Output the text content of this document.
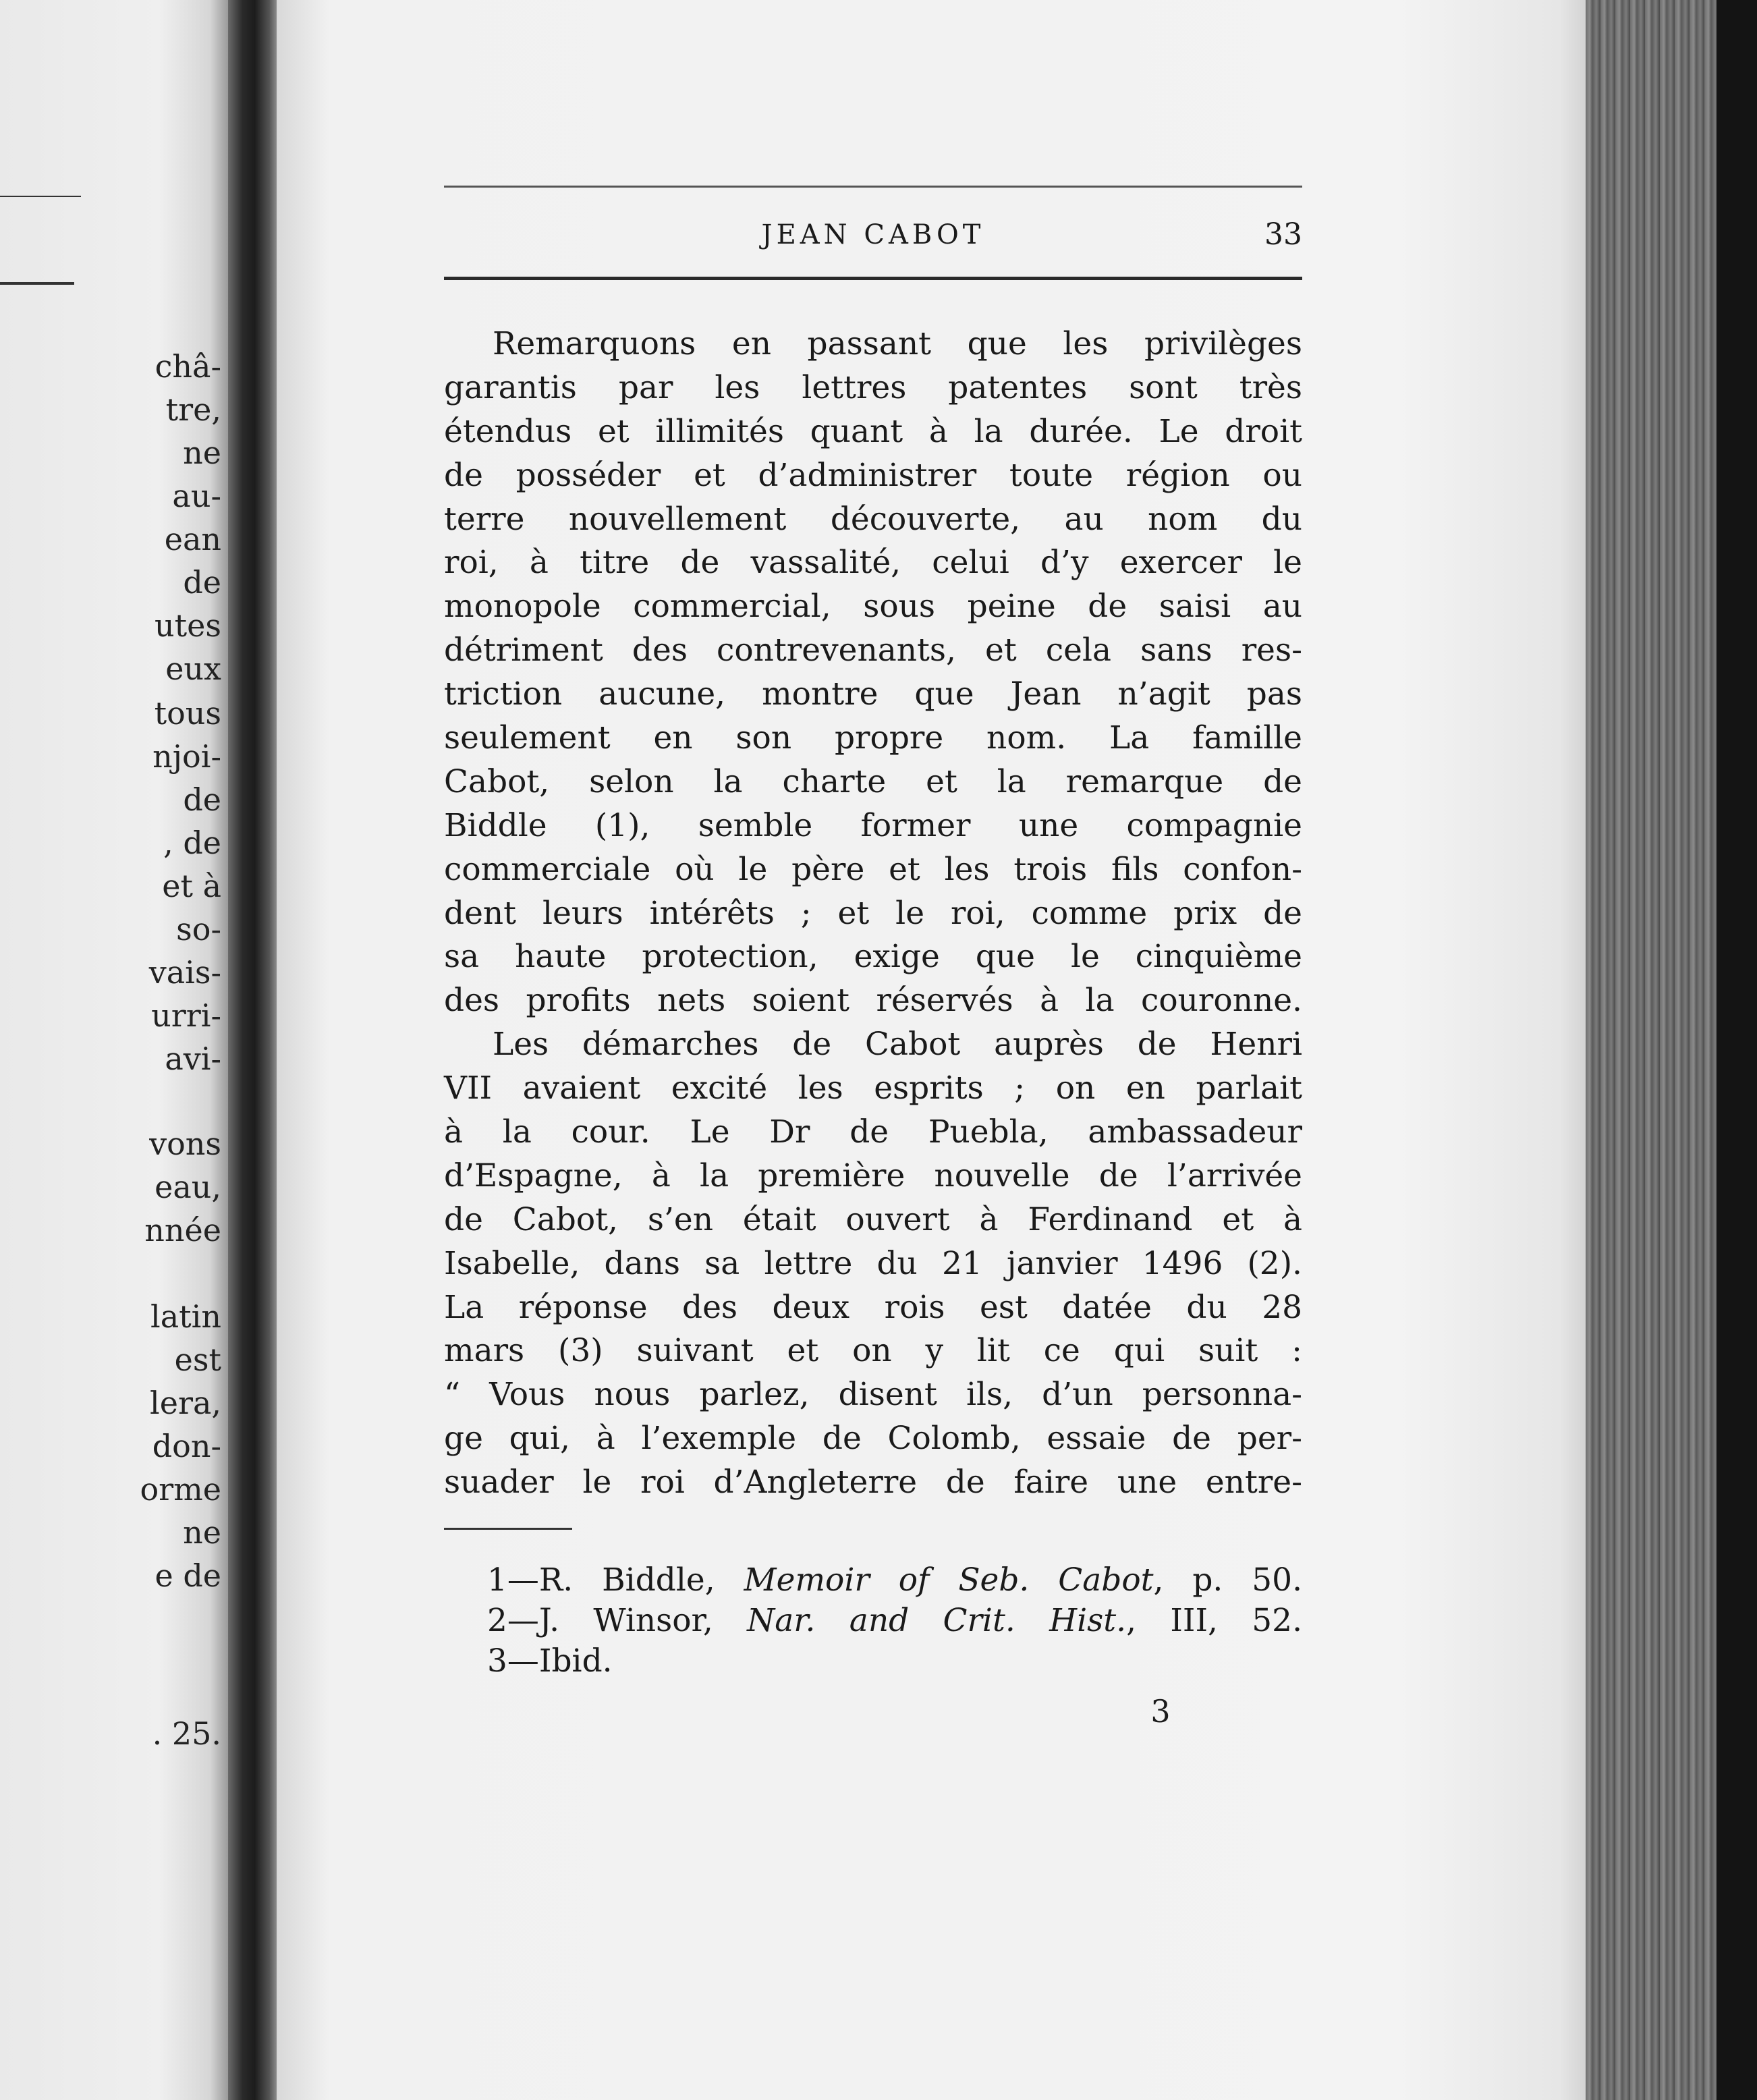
châ-
tre,
ne
au-
ean
de
utes
eux
tous
njoi-
de
, de
et à
so-
vais-
urri-
avi-
vons
eau,
nnée
latin
est
lera,
don-
orme
ne
e de
. 25.
JEAN CABOT	33
Remarquons en passant que les privilèges
garantis par les lettres patentes sont très
étendus et illimités quant à la durée. Le droit
de posséder et d’administrer toute région ou
terre nouvellement découverte, au nom du
roi, à titre de vassalité, celui d’y exercer le
monopole commercial, sous peine de saisi au
détriment des contrevenants, et cela sans res-
triction aucune, montre que Jean n’agit pas
seulement en son propre nom. La famille
Cabot, selon la charte et la remarque de
Biddle (1), semble former une compagnie
commerciale où le père et les trois fils confon-
dent leurs intérêts ; et le roi, comme prix de
sa haute protection, exige que le cinquième
des profits nets soient réservés à la couronne.
Les démarches de Cabot auprès de Henri
VII avaient excité les esprits ; on en parlait
à la cour. Le Dr de Puebla, ambassadeur
d’Espagne, à la première nouvelle de l’arrivée
de Cabot, s’en était ouvert à Ferdinand et à
Isabelle, dans sa lettre du 21 janvier 1496 (2).
La réponse des deux rois est datée du 28
mars (3) suivant et on y lit ce qui suit :
“ Vous nous parlez, disent ils, d’un personna-
ge qui, à l’exemple de Colomb, essaie de per-
suader le roi d’Angleterre de faire une entre-
1—R. Biddle, Memoir of Seb. Cabot, p. 50.
2—J. Winsor, Nar. and Crit. Hist., III, 52.
3—Ibid.
3
